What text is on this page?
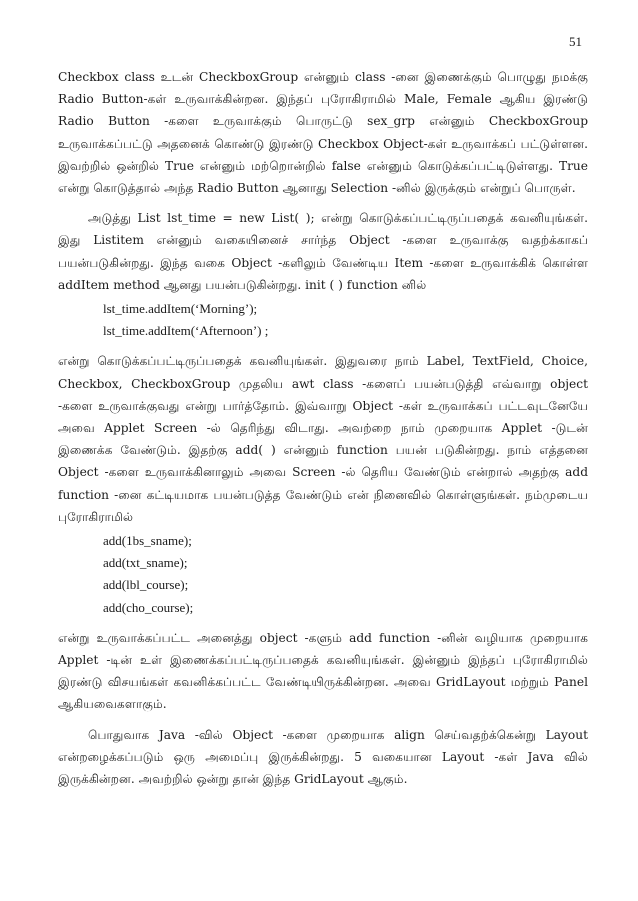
51

Checkbox class உடன் CheckboxGroup என்னும் class -னை இணைக்கும் பொழுது நமக்கு Radio Button-கள் உருவாக்கின்றன. இந்தப் புரோகிராமில் Male, Female ஆகிய இரண்டு Radio Button -களை உருவாக்கும் பொருட்டு sex_grp என்னும் CheckboxGroup உருவாக்கப்பட்டு அதனைக் கொண்டு இரண்டு Checkbox Object-கள் உருவாக்கப் பட்டுள்ளன. இவற்றில் ஒன்றில் True என்னும் மற்றொன்றில் false என்னும் கொடுக்கப்பட்டிடுள்ளது. True என்று கொடுத்தால் அந்த Radio Button ஆனாது Selection -னில் இருக்கும் என்றுப் பொருள்.

அடுத்து List lst_time = new List( ); என்று கொடுக்கப்பட்டிருப்பதைக் கவனியுங்கள். இது Listitem என்னும் வகையினைச் சார்ந்த Object -களை உருவாக்கு வதற்க்காகப் பயன்படுகின்றது. இந்த வகை Object -களிலும் வேண்டிய Item -களை உருவாக்கிக் கொள்ள addItem method ஆனது பயன்படுகின்றது. init ( ) function னில்

lst_time.addItem(‘Morning’);
lst_time.addItem(‘Afternoon’) ;

என்று கொடுக்கப்பட்டிருப்பதைக் கவனியுங்கள். இதுவரை நாம் Label, TextField, Choice, Checkbox, CheckboxGroup முதலிய awt class -களைப் பயன்படுத்தி எவ்வாறு object -களை உருவாக்குவது என்று பார்த்தோம். இவ்வாறு Object -கள் உருவாக்கப் பட்டவுடனேயே அவை Applet Screen -ல் தெரிந்து விடாது. அவற்றை நாம் முறையாக Applet -டுடன் இணைக்க வேண்டும். இதற்கு add( ) என்னும் function பயன் படுகின்றது. நாம் எத்தனை Object -களை உருவாக்கினாலும் அவை Screen -ல் தெரிய வேண்டும் என்றால் அதற்கு add function -னை கட்டியமாக பயன்படுத்த வேண்டும் என் நினைவில் கொள்ளுங்கள். நம்முடைய புரோகிராமில்

add(1bs_sname);
add(txt_sname);
add(lbl_course);
add(cho_course);

என்று உருவாக்கப்பட்ட அனைத்து object -களும் add function -னின் வழியாக முறையாக Applet -டின் உள் இணைக்கப்பட்டிருப்பதைக் கவனியுங்கள். இன்னும் இந்தப் புரோகிராமில் இரண்டு விசயங்கள் கவனிக்கப்பட்ட வேண்டியிருக்கின்றன. அவை GridLayout மற்றும் Panel ஆகியவைகளாகும்.

பொதுவாக Java -வில் Object -களை முறையாக align செய்வதற்க்கென்று Layout என்றழைக்கப்படும் ஒரு அமைப்பு இருக்கின்றது. 5 வகையான Layout -கள் Java வில் இருக்கின்றன. அவற்றில் ஒன்று தான் இந்த GridLayout ஆகும்.
